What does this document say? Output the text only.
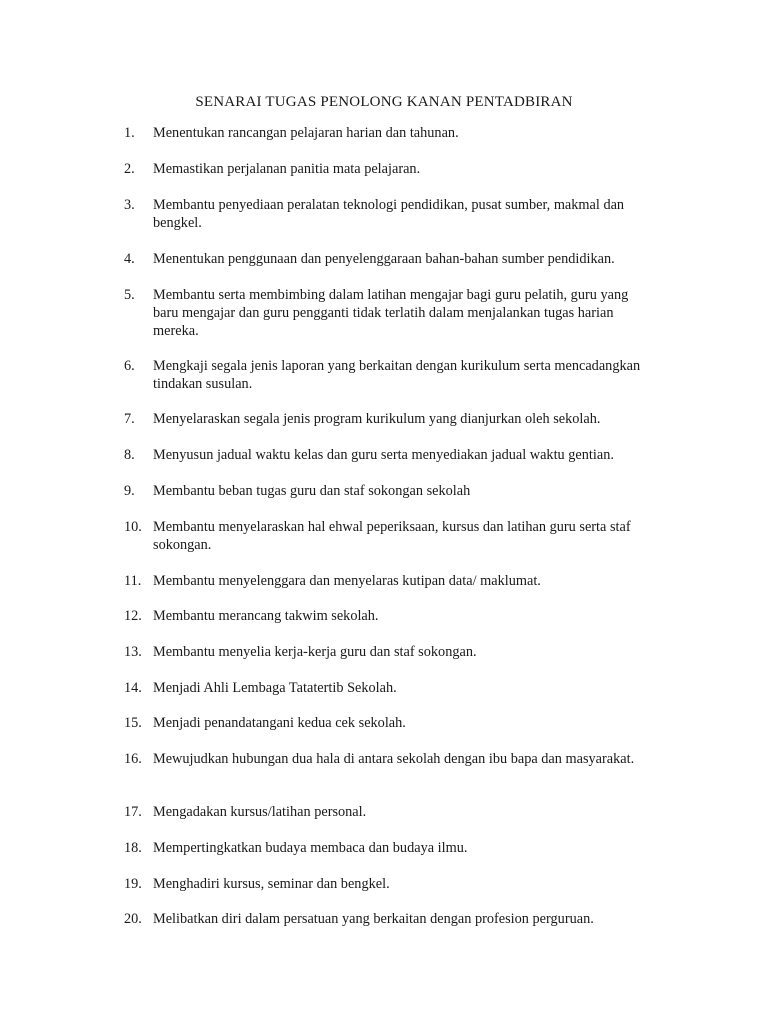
SENARAI TUGAS PENOLONG KANAN PENTADBIRAN
1.	Menentukan rancangan pelajaran harian dan tahunan.
2.	Memastikan perjalanan panitia mata pelajaran.
3.	Membantu penyediaan peralatan teknologi pendidikan, pusat sumber, makmal dan bengkel.
4.	Menentukan penggunaan dan penyelenggaraan bahan-bahan sumber pendidikan.
5.	Membantu serta membimbing dalam latihan mengajar bagi guru pelatih, guru yang baru mengajar dan guru pengganti tidak terlatih dalam menjalankan tugas harian mereka.
6.	Mengkaji segala jenis laporan yang berkaitan dengan kurikulum serta mencadangkan tindakan susulan.
7.	Menyelaraskan segala jenis program kurikulum yang dianjurkan oleh sekolah.
8.	Menyusun jadual waktu kelas dan guru serta menyediakan jadual waktu gentian.
9.	Membantu beban tugas guru dan staf sokongan sekolah
10. Membantu menyelaraskan hal ehwal peperiksaan, kursus dan latihan guru serta staf sokongan.
11. Membantu menyelenggara dan menyelaras kutipan data/ maklumat.
12. Membantu merancang takwim sekolah.
13. Membantu menyelia kerja-kerja guru dan staf sokongan.
14. Menjadi Ahli Lembaga Tatatertib Sekolah.
15. Menjadi penandatangani kedua cek sekolah.
16. Mewujudkan hubungan dua hala di antara sekolah dengan ibu bapa dan masyarakat.
17. Mengadakan kursus/latihan personal.
18. Mempertingkatkan budaya membaca dan budaya ilmu.
19. Menghadiri kursus, seminar dan bengkel.
20. Melibatkan diri dalam persatuan yang berkaitan dengan profesion perguruan.
